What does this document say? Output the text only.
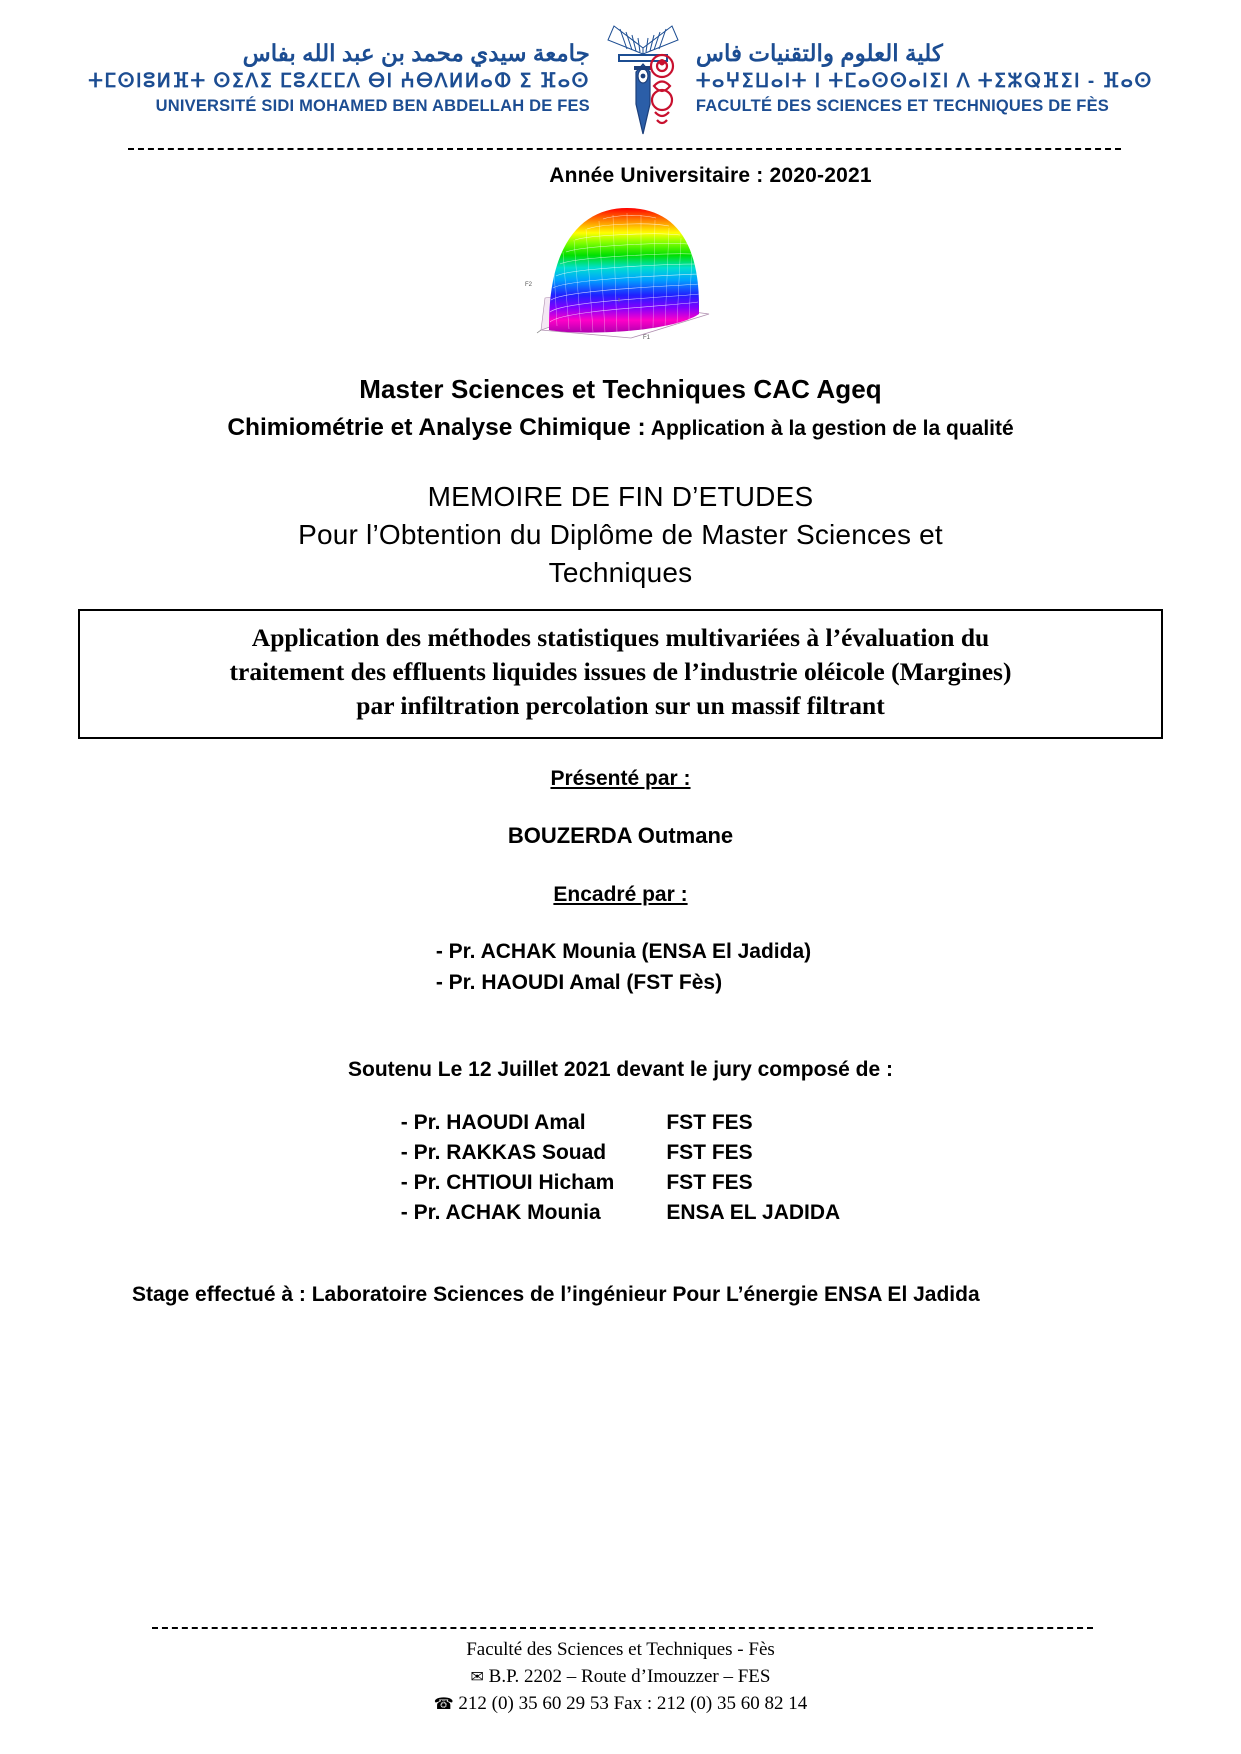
جامعة سيدي محمد بن عبد الله بفاس
ⵜⵎⵙⵏⵓⵍⴼⵜ ⵙⵉⴷⵉ ⵎⵓⵃⵎⵎⴷ ⴱⵏ ⵄⴱⴷⵍⵍⴰⵀ ⵉ ⴼⴰⵙ
UNIVERSITÉ SIDI MOHAMED BEN ABDELLAH DE FES
كلية العلوم والتقنيات فاس
ⵜⴰⵖⵉⵡⴰⵏⵜ ⵏ ⵜⵎⴰⵙⵙⴰⵏⵉⵏ ⴷ ⵜⵉⵣⵕⴼⵉⵏ - ⴼⴰⵙ
FACULTÉ DES SCIENCES ET TECHNIQUES DE FÈS
Année Universitaire : 2020-2021
F2
F1
Master Sciences et Techniques CAC Ageq
Chimiométrie et Analyse Chimique : Application à la gestion de la qualité
MEMOIRE DE FIN D’ETUDES
Pour l’Obtention du Diplôme de Master Sciences et
Techniques
Application des méthodes statistiques multivariées à l’évaluation du
traitement des effluents liquides issues de l’industrie oléicole (Margines)
par infiltration percolation sur un massif filtrant
Présenté par :
BOUZERDA Outmane
Encadré par :
- Pr. ACHAK Mounia (ENSA El Jadida)
- Pr. HAOUDI Amal (FST Fès)
Soutenu Le 12 Juillet 2021 devant le jury composé de :
- Pr. HAOUDI Amal	FST FES
- Pr. RAKKAS Souad	FST FES
- Pr. CHTIOUI Hicham	FST FES
- Pr. ACHAK Mounia	ENSA EL JADIDA
Stage effectué à : Laboratoire Sciences de l’ingénieur Pour L’énergie ENSA El Jadida
Faculté des Sciences et Techniques - Fès
✉ B.P. 2202 – Route d’Imouzzer – FES
☎ 212 (0) 35 60 29 53 Fax : 212 (0) 35 60 82 14
